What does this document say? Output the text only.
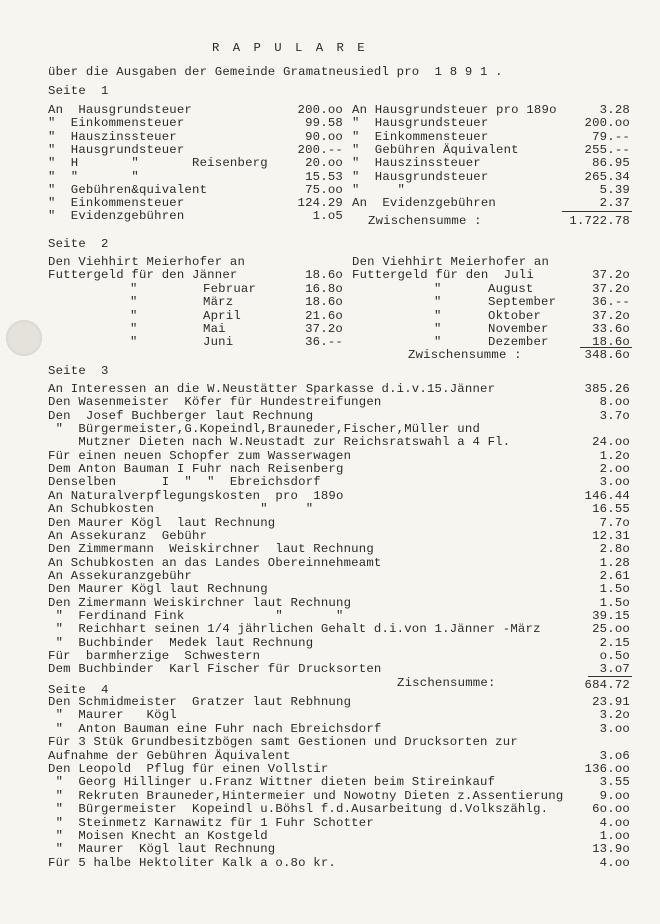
R A P U L A R E
über die Ausgaben der Gemeinde Gramatneusiedl pro  1 8 9 1 .
Seite  1
An  Hausgrundsteuer	200.oo
"  Einkommensteuer	99.58
"  Hauszinssteuer	90.oo
"  Hausgrundsteuer	200.--
"  H       "       Reisenberg	20.oo
"  "       "	15.53
"  Gebühren&quivalent	75.oo
"  Einkommensteuer	124.29
"  Evidenzgebühren	1.o5
An Hausgrundsteuer pro 189o	3.28
"  Hausgrundsteuer	200.oo
"  Einkommensteuer	79.--
"  Gebühren Äquivalent	255.--
"  Hauszinssteuer	86.95
"  Hausgrundsteuer	265.34
"     "	5.39
An  Evidenzgebühren	2.37
Zwischensumme :	1.722.78
Seite  2
Den Viehhirt Meierhofer an
Futtergeld für den Jänner	18.6o
"	Februar	16.8o
"	März	18.6o
"	April	21.6o
"	Mai	37.2o
"	Juni	36.--
Den Viehhirt Meierhofer an
Futtergeld für den  Juli	37.2o
"	August	37.2o
"	September	36.--
"	Oktober	37.2o
"	November	33.6o
"	Dezember	18.6o
Zwischensumme :	348.6o
Seite  3
An Interessen an die W.Neustätter Sparkasse d.i.v.15.Jänner	385.26
Den Wasenmeister  Köfer für Hundestreifungen	8.oo
Den  Josef Buchberger laut Rechnung	3.7o
"  Bürgermeister,G.Kopeindl,Brauneder,Fischer,Müller und
Mutzner Dieten nach W.Neustadt zur Reichsratswahl a 4 Fl.	24.oo
Für einen neuen Schopfer zum Wasserwagen	1.2o
Dem Anton Bauman I Fuhr nach Reisenberg	2.oo
Denselben      I  "  "  Ebreichsdorf	3.oo
An Naturalverpflegungskosten  pro  189o	146.44
An Schubkosten              "     "	16.55
Den Maurer Kögl  laut Rechnung	7.7o
An Assekuranz  Gebühr	12.31
Den Zimmermann  Weiskirchner  laut Rechnung	2.8o
An Schubkosten an das Landes Obereinnehmeamt	1.28
An Assekuranzgebühr	2.61
Den Maurer Kögl laut Rechnung	1.5o
Den Zimermann Weiskirchner laut Rechnung	1.5o
"  Ferdinand Fink            "       "	39.15
"  Reichhart seinen 1/4 jährlichen Gehalt d.i.von 1.Jänner -März	25.oo
"  Buchbinder  Medek laut Rechnung	2.15
Für  barmherzige  Schwestern	o.5o
Dem Buchbinder  Karl Fischer für Drucksorten	3.o7
Zischensumme:	684.72
Seite  4
Den Schmidmeister  Gratzer laut Rebhnung	23.91
"  Maurer   Kögl	3.2o
"  Anton Bauman eine Fuhr nach Ebreichsdorf	3.oo
Für 3 Stük Grundbesitzbögen samt Gestionen und Drucksorten zur
Aufnahme der Gebühren Äquivalent	3.o6
Den Leopold  Pflug für einen Vollstir	136.oo
"  Georg Hillinger u.Franz Wittner dieten beim Stireinkauf	3.55
"  Rekruten Brauneder,Hintermeier und Nowotny Dieten z.Assentierung	9.oo
"  Bürgermeister  Kopeindl u.Böhsl f.d.Ausarbeitung d.Volkszählg.	6o.oo
"  Steinmetz Karnawitz für 1 Fuhr Schotter	4.oo
"  Moisen Knecht an Kostgeld	1.oo
"  Maurer  Kögl laut Rechnung	13.9o
Für 5 halbe Hektoliter Kalk a o.8o kr.	4.oo
